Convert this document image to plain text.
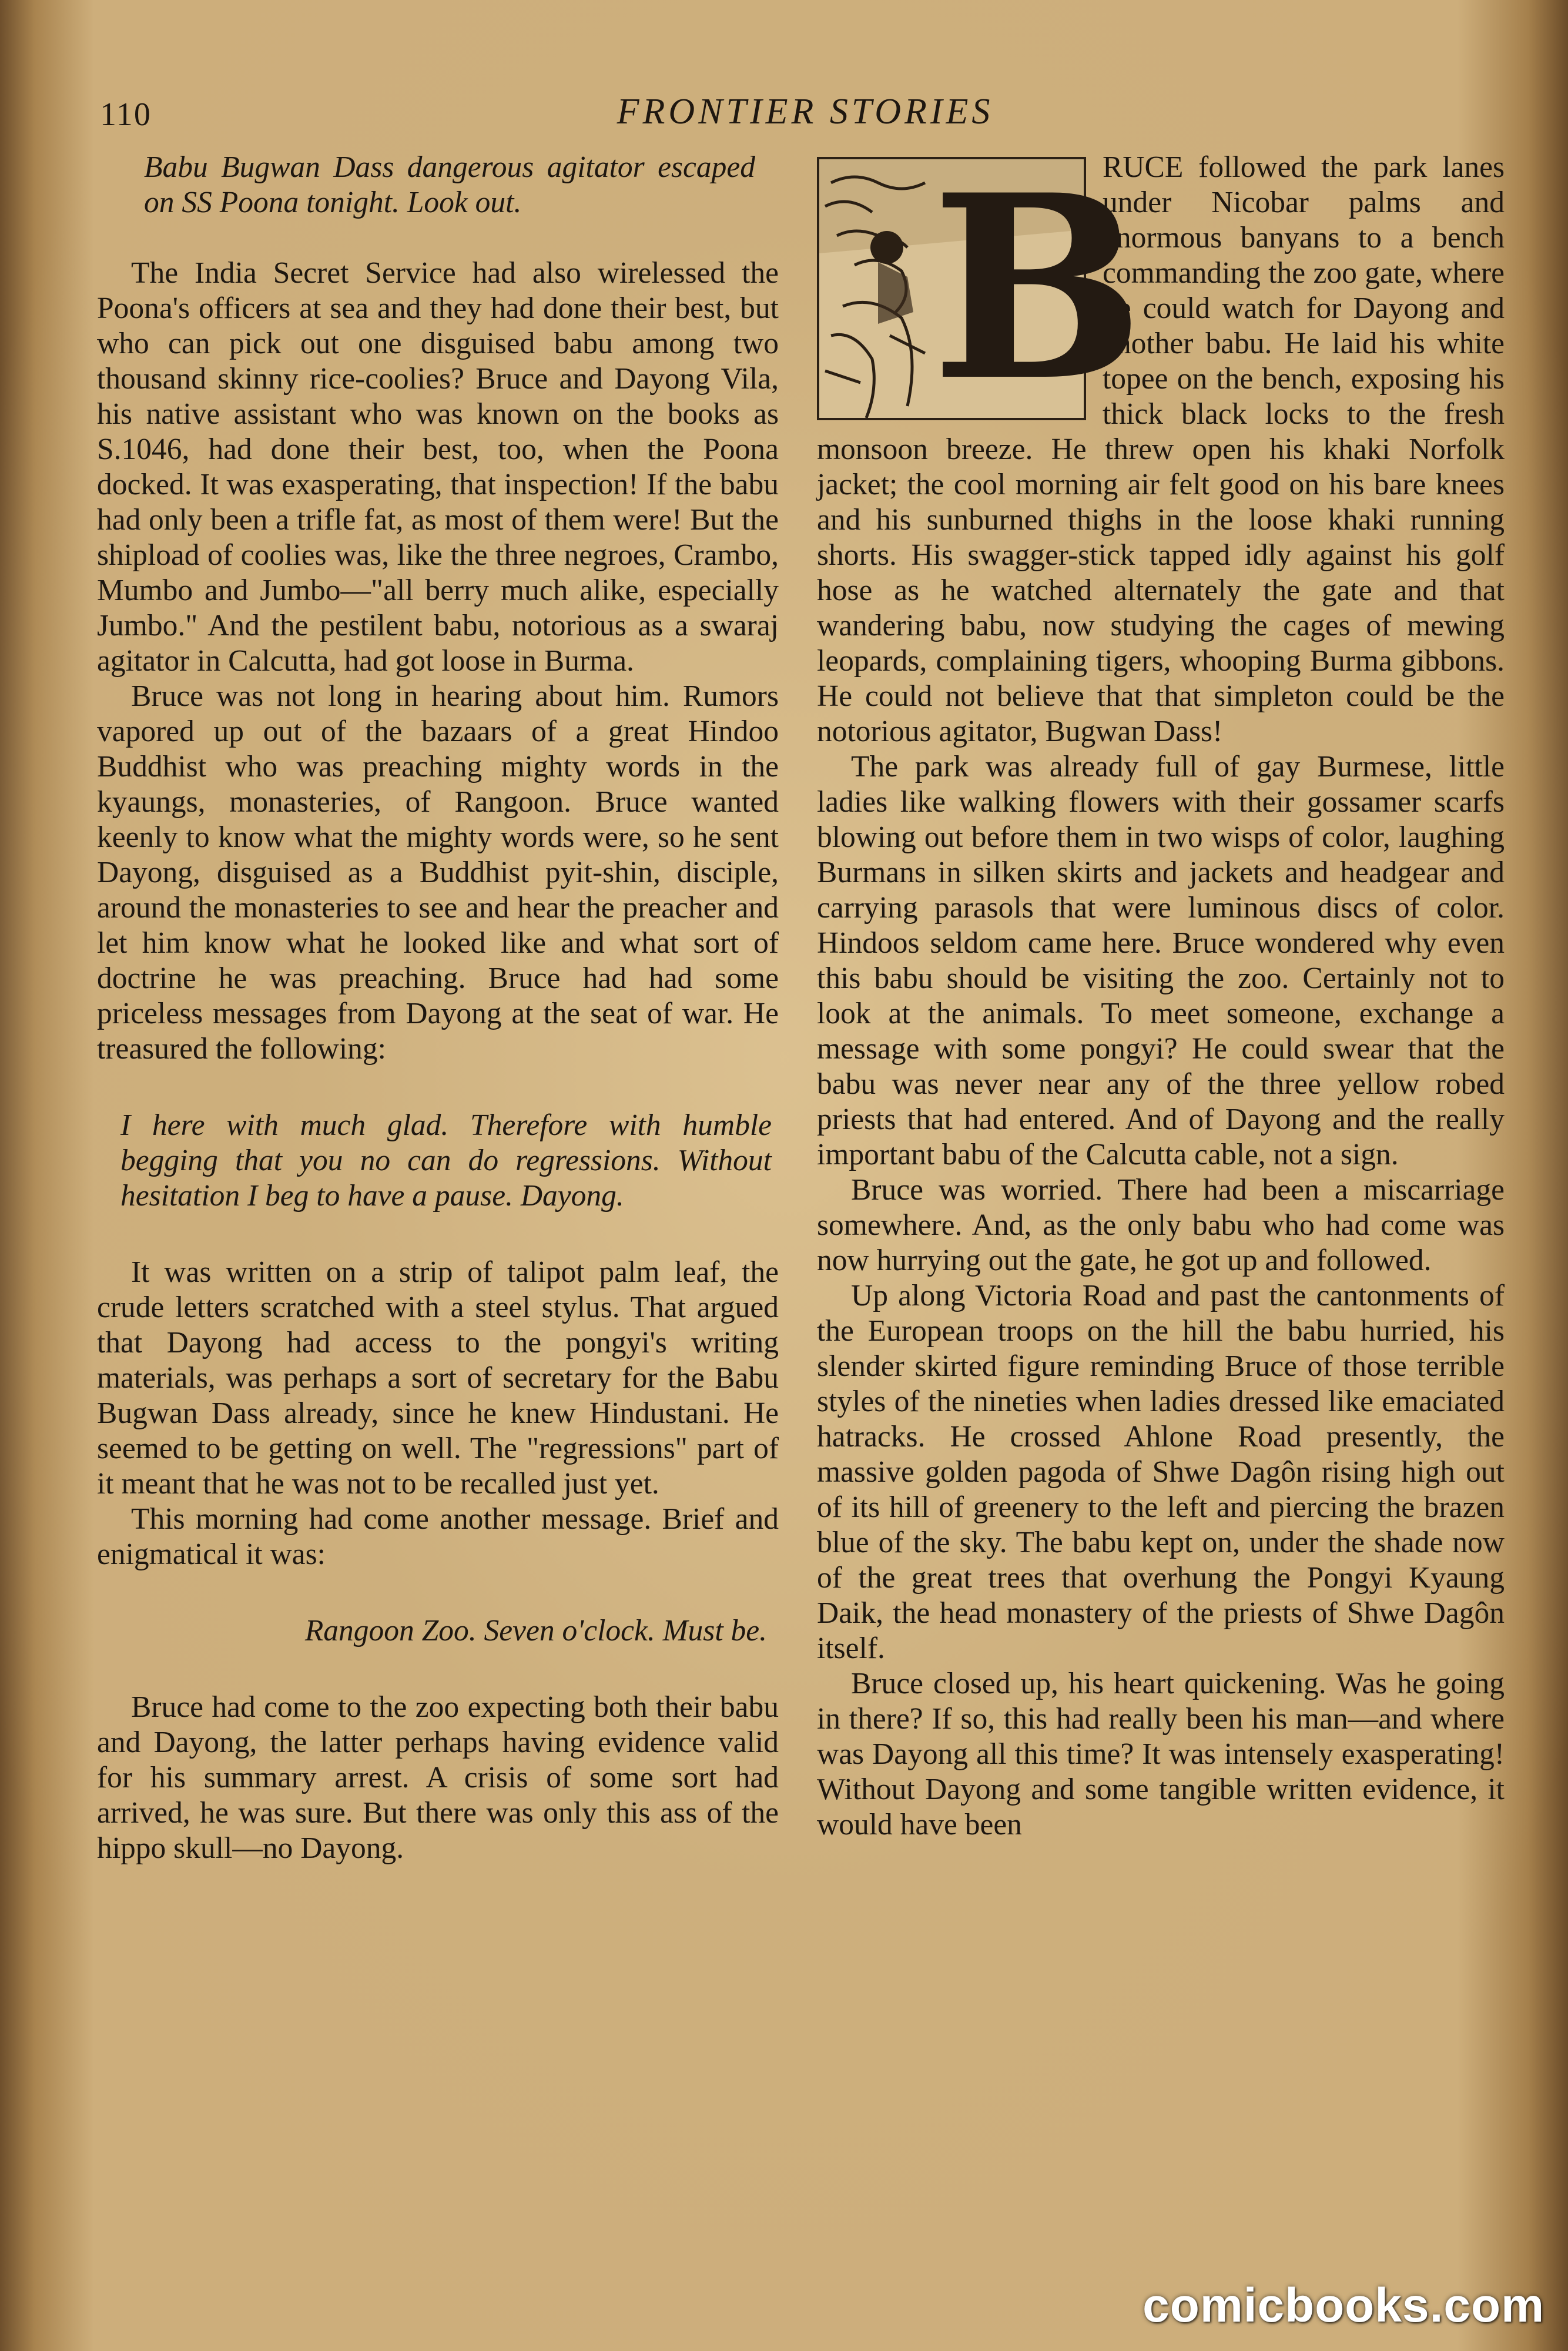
110	FRONTIER STORIES

Babu Bugwan Dass dangerous agitator escaped on SS Poona tonight. Look out.

The India Secret Service had also wirelessed the Poona's officers at sea and they had done their best, but who can pick out one disguised babu among two thousand skinny rice-coolies? Bruce and Dayong Vila, his native assistant who was known on the books as S.1046, had done their best, too, when the Poona docked. It was exasperating, that inspection! If the babu had only been a trifle fat, as most of them were! But the shipload of coolies was, like the three negroes, Crambo, Mumbo and Jumbo—"all berry much alike, especially Jumbo." And the pestilent babu, notorious as a swaraj agitator in Calcutta, had got loose in Burma.

Bruce was not long in hearing about him. Rumors vapored up out of the bazaars of a great Hindoo Buddhist who was preaching mighty words in the kyaungs, monasteries, of Rangoon. Bruce wanted keenly to know what the mighty words were, so he sent Dayong, disguised as a Buddhist pyit-shin, disciple, around the monasteries to see and hear the preacher and let him know what he looked like and what sort of doctrine he was preaching. Bruce had had some priceless messages from Dayong at the seat of war. He treasured the following:

I here with much glad. Therefore with humble begging that you no can do regressions. Without hesitation I beg to have a pause. Dayong.

It was written on a strip of talipot palm leaf, the crude letters scratched with a steel stylus. That argued that Dayong had access to the pongyi's writing materials, was perhaps a sort of secretary for the Babu Bugwan Dass already, since he knew Hindustani. He seemed to be getting on well. The "regressions" part of it meant that he was not to be recalled just yet.

This morning had come another message. Brief and enigmatical it was:

Rangoon Zoo. Seven o'clock. Must be.

Bruce had come to the zoo expecting both their babu and Dayong, the latter perhaps having evidence valid for his summary arrest. A crisis of some sort had arrived, he was sure. But there was only this ass of the hippo skull—no Dayong.

B

RUCE followed the park lanes under Nicobar palms and enormous banyans to a bench commanding the zoo gate, where he could watch for Dayong and another babu. He laid his white topee on the bench, exposing his thick black locks to the fresh monsoon breeze. He threw open his khaki Norfolk jacket; the cool morning air felt good on his bare knees and his sunburned thighs in the loose khaki running shorts. His swagger-stick tapped idly against his golf hose as he watched alternately the gate and that wandering babu, now studying the cages of mewing leopards, complaining tigers, whooping Burma gibbons. He could not believe that that simpleton could be the notorious agitator, Bugwan Dass!

The park was already full of gay Burmese, little ladies like walking flowers with their gossamer scarfs blowing out before them in two wisps of color, laughing Burmans in silken skirts and jackets and headgear and carrying parasols that were luminous discs of color. Hindoos seldom came here. Bruce wondered why even this babu should be visiting the zoo. Certainly not to look at the animals. To meet someone, exchange a message with some pongyi? He could swear that the babu was never near any of the three yellow robed priests that had entered. And of Dayong and the really important babu of the Calcutta cable, not a sign.

Bruce was worried. There had been a miscarriage somewhere. And, as the only babu who had come was now hurrying out the gate, he got up and followed.

Up along Victoria Road and past the cantonments of the European troops on the hill the babu hurried, his slender skirted figure reminding Bruce of those terrible styles of the nineties when ladies dressed like emaciated hatracks. He crossed Ahlone Road presently, the massive golden pagoda of Shwe Dagôn rising high out of its hill of greenery to the left and piercing the brazen blue of the sky. The babu kept on, under the shade now of the great trees that overhung the Pongyi Kyaung Daik, the head monastery of the priests of Shwe Dagôn itself.

Bruce closed up, his heart quickening. Was he going in there? If so, this had really been his man—and where was Dayong all this time? It was intensely exasperating! Without Dayong and some tangible written evidence, it would have been

comicbooks.com
